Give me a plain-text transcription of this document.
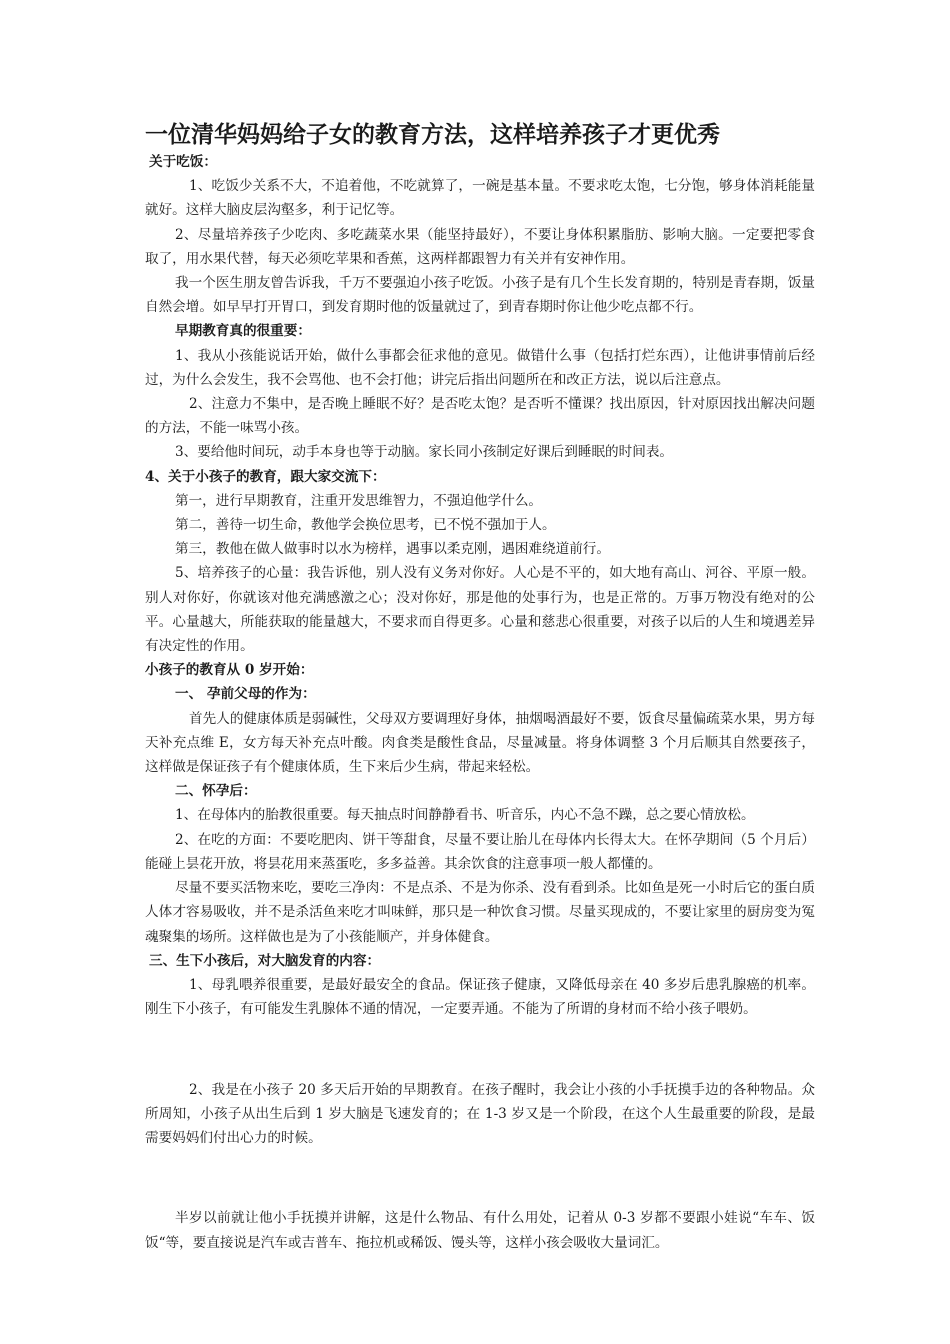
一位清华妈妈给子女的教育方法，这样培养孩子才更优秀

关于吃饭：

1、吃饭少关系不大，不追着他，不吃就算了，一碗是基本量。不要求吃太饱，七分饱，够身体消耗能量就好。这样大脑皮层沟壑多，利于记忆等。

2、尽量培养孩子少吃肉、多吃蔬菜水果（能坚持最好），不要让身体积累脂肪、影响大脑。一定要把零食取了，用水果代替，每天必须吃苹果和香蕉，这两样都跟智力有关并有安神作用。

我一个医生朋友曾告诉我，千万不要强迫小孩子吃饭。小孩子是有几个生长发育期的，特别是青春期，饭量自然会增。如早早打开胃口，到发育期时他的饭量就过了，到青春期时你让他少吃点都不行。

早期教育真的很重要：

1、我从小孩能说话开始，做什么事都会征求他的意见。做错什么事（包括打烂东西），让他讲事情前后经过，为什么会发生，我不会骂他、也不会打他；讲完后指出问题所在和改正方法，说以后注意点。

2、注意力不集中，是否晚上睡眠不好？是否吃太饱？是否听不懂课？找出原因，针对原因找出解决问题的方法，不能一味骂小孩。

3、要给他时间玩，动手本身也等于动脑。家长同小孩制定好课后到睡眠的时间表。

4、关于小孩子的教育，跟大家交流下：

第一，进行早期教育，注重开发思维智力，不强迫他学什么。

第二，善待一切生命，教他学会换位思考，已不悦不强加于人。

第三，教他在做人做事时以水为榜样，遇事以柔克刚，遇困难绕道前行。

5、培养孩子的心量：我告诉他，别人没有义务对你好。人心是不平的，如大地有高山、河谷、平原一般。别人对你好，你就该对他充满感激之心；没对你好，那是他的处事行为，也是正常的。万事万物没有绝对的公平。心量越大，所能获取的能量越大，不要求而自得更多。心量和慈悲心很重要，对孩子以后的人生和境遇差异有决定性的作用。

小孩子的教育从 0 岁开始：

一、 孕前父母的作为：

首先人的健康体质是弱碱性，父母双方要调理好身体，抽烟喝酒最好不要，饭食尽量偏疏菜水果，男方每天补充点维 E，女方每天补充点叶酸。肉食类是酸性食品，尽量减量。将身体调整 3 个月后顺其自然要孩子，这样做是保证孩子有个健康体质，生下来后少生病，带起来轻松。

二、怀孕后：

1、在母体内的胎教很重要。每天抽点时间静静看书、听音乐，内心不急不躁，总之要心情放松。

2、在吃的方面：不要吃肥肉、饼干等甜食，尽量不要让胎儿在母体内长得太大。在怀孕期间（5 个月后）能碰上昙花开放，将昙花用来蒸蛋吃，多多益善。其余饮食的注意事项一般人都懂的。

尽量不要买活物来吃，要吃三净肉：不是点杀、不是为你杀、没有看到杀。比如鱼是死一小时后它的蛋白质人体才容易吸收，并不是杀活鱼来吃才叫味鲜，那只是一种饮食习惯。尽量买现成的，不要让家里的厨房变为冤魂聚集的场所。这样做也是为了小孩能顺产，并身体健食。

三、生下小孩后，对大脑发育的内容：

1、母乳喂养很重要，是最好最安全的食品。保证孩子健康，又降低母亲在 40 多岁后患乳腺癌的机率。刚生下小孩子，有可能发生乳腺体不通的情况，一定要弄通。不能为了所谓的身材而不给小孩子喂奶。

2、我是在小孩子 20 多天后开始的早期教育。在孩子醒时，我会让小孩的小手抚摸手边的各种物品。众所周知，小孩子从出生后到 1 岁大脑是飞速发育的；在 1-3 岁又是一个阶段，在这个人生最重要的阶段，是最需要妈妈们付出心力的时候。

半岁以前就让他小手抚摸并讲解，这是什么物品、有什么用处，记着从 0-3 岁都不要跟小娃说“车车、饭饭“等，要直接说是汽车或吉普车、拖拉机或稀饭、馒头等，这样小孩会吸收大量词汇。
